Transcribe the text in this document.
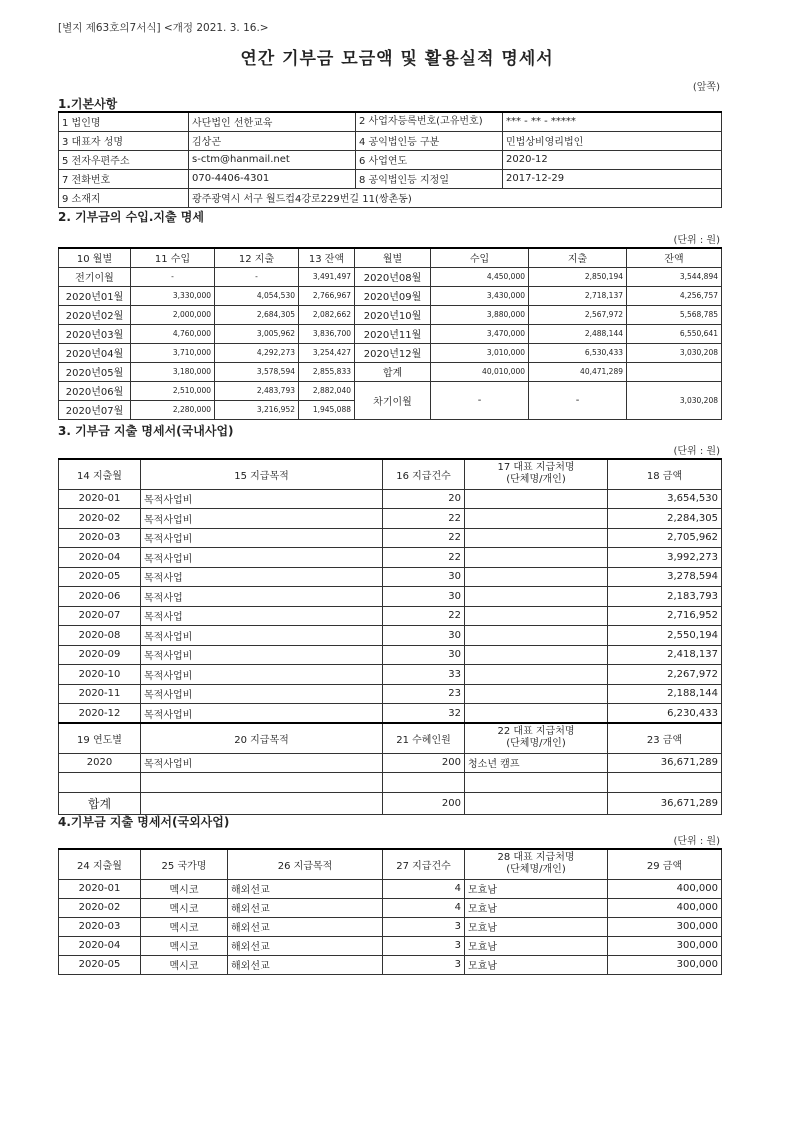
[별지 제63호의7서식] <개정 2021. 3. 16.>
연간 기부금 모금액 및 활용실적 명세서
(앞쪽)
1.기본사항
1 법인명	사단법인 선한교육	2 사업자등록번호(고유번호)	*** - ** - *****
3 대표자 성명	김상곤	4 공익법인등 구분	민법상비영리법인
5 전자우편주소	s-ctm@hanmail.net	6 사업연도	2020-12
7 전화번호	070-4406-4301	8 공익법인등 지정일	2017-12-29
9 소재지	광주광역시 서구 월드컵4강로229번길 11(쌍촌동)		
2. 기부금의 수입.지출 명세
(단위 : 원)
10 월별	11 수입	12 지출	13 잔액	월별	수입	지출	잔액
전기이월	-	-	3,491,497	2020년08월	4,450,000	2,850,194	3,544,894
2020년01월	3,330,000	4,054,530	2,766,967	2020년09월	3,430,000	2,718,137	4,256,757
2020년02월	2,000,000	2,684,305	2,082,662	2020년10월	3,880,000	2,567,972	5,568,785
2020년03월	4,760,000	3,005,962	3,836,700	2020년11월	3,470,000	2,488,144	6,550,641
2020년04월	3,710,000	4,292,273	3,254,427	2020년12월	3,010,000	6,530,433	3,030,208
2020년05월	3,180,000	3,578,594	2,855,833	합계	40,010,000	40,471,289	
2020년06월	2,510,000	2,483,793	2,882,040	차기이월	-	-	3,030,208
2020년07월	2,280,000	3,216,952	1,945,088				
3. 기부금 지출 명세서(국내사업)
(단위 : 원)
14 지출월	15 지급목적	16 지급건수	17 대표 지급처명
(단체명/개인)	18 금액
2020-01	목적사업비	20		3,654,530
2020-02	목적사업비	22		2,284,305
2020-03	목적사업비	22		2,705,962
2020-04	목적사업비	22		3,992,273
2020-05	목적사업	30		3,278,594
2020-06	목적사업	30		2,183,793
2020-07	목적사업	22		2,716,952
2020-08	목적사업비	30		2,550,194
2020-09	목적사업비	30		2,418,137
2020-10	목적사업비	33		2,267,972
2020-11	목적사업비	23		2,188,144
2020-12	목적사업비	32		6,230,433
19 연도별	20 지급목적	21 수혜인원	22 대표 지급처명
(단체명/개인)	23 금액
2020	목적사업비	200	청소년 캠프	36,671,289

합계		200		36,671,289
4.기부금 지출 명세서(국외사업)
(단위 : 원)
24 지출월	25 국가명	26 지급목적	27 지급건수	28 대표 지급처명
(단체명/개인)	29 금액
2020-01	멕시코	해외선교	4	모효남	400,000
2020-02	멕시코	해외선교	4	모효남	400,000
2020-03	멕시코	해외선교	3	모효남	300,000
2020-04	멕시코	해외선교	3	모효남	300,000
2020-05	멕시코	해외선교	3	모효남	300,000
